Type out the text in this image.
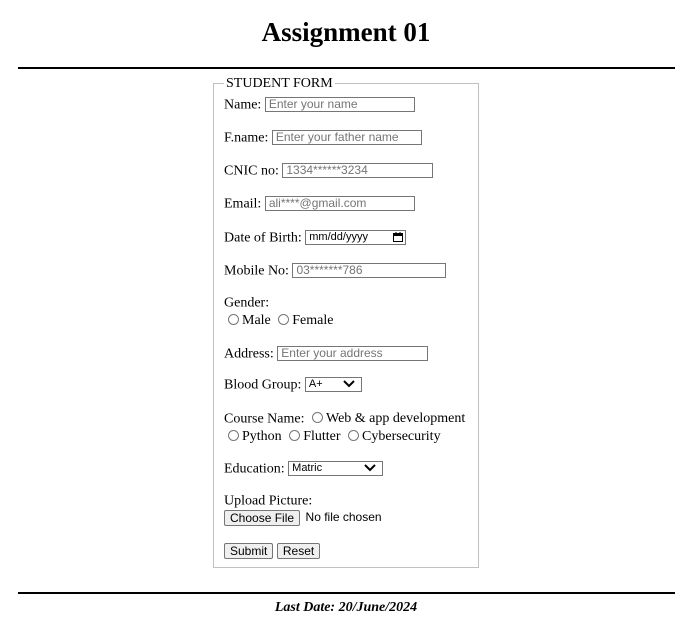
Assignment 01
STUDENT FORM
Name: Enter your name
F.name: Enter your father name
CNIC no: 1334******3234
Email: ali****@gmail.com
Date of Birth: mm/dd/yyyy
Mobile No: 03*******786
Gender:
Male Female
Address: Enter your address
Blood Group: A+
Course Name: Web & app development
Python Flutter Cybersecurity
Education: Matric
Upload Picture:
Choose File No file chosen
Submit Reset
Last Date: 20/June/2024
